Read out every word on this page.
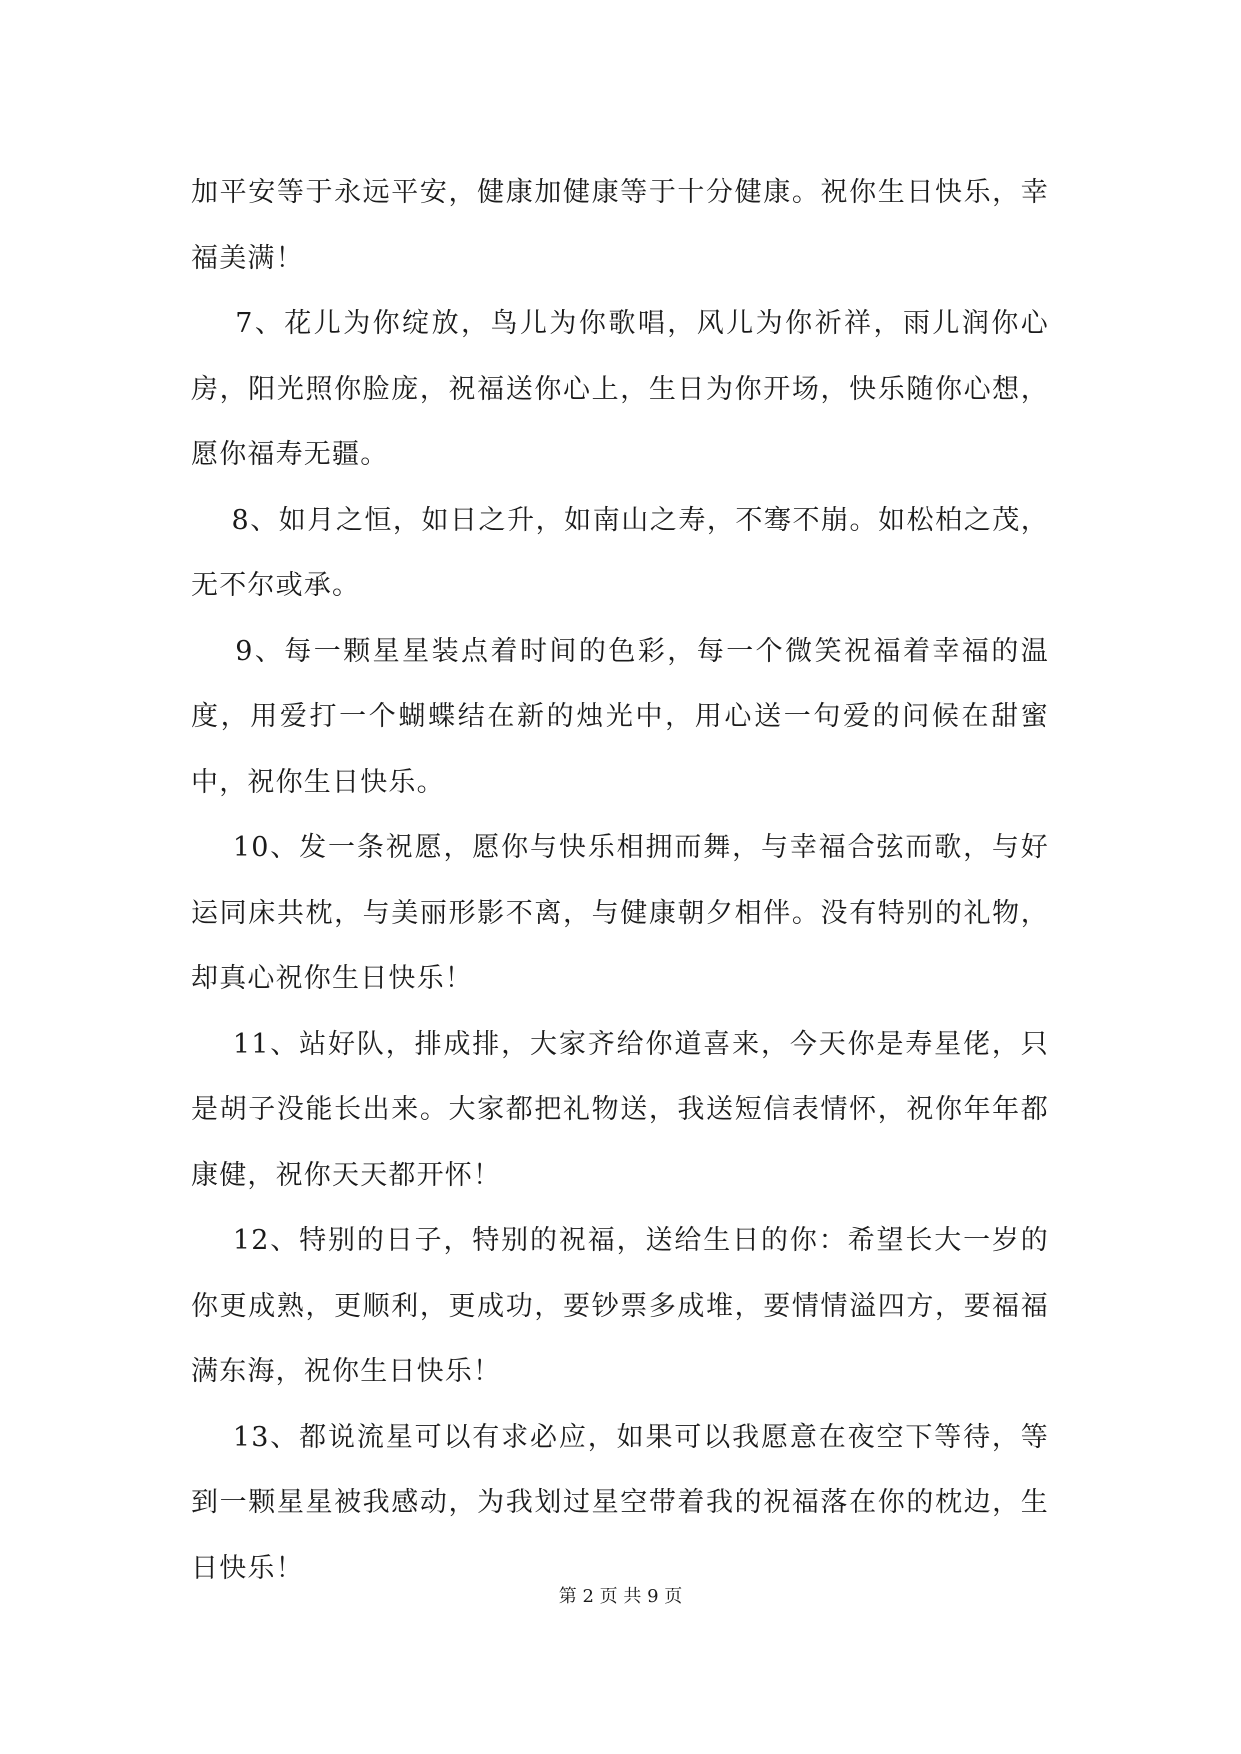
加平安等于永远平安，健康加健康等于十分健康。祝你生日快乐，幸福美满！

7、花儿为你绽放，鸟儿为你歌唱，风儿为你祈祥，雨儿润你心房，阳光照你脸庞，祝福送你心上，生日为你开场，快乐随你心想，愿你福寿无疆。

8、如月之恒，如日之升，如南山之寿，不骞不崩。如松柏之茂，无不尔或承。

9、每一颗星星装点着时间的色彩，每一个微笑祝福着幸福的温度，用爱打一个蝴蝶结在新的烛光中，用心送一句爱的问候在甜蜜中，祝你生日快乐。

10、发一条祝愿，愿你与快乐相拥而舞，与幸福合弦而歌，与好运同床共枕，与美丽形影不离，与健康朝夕相伴。没有特别的礼物，却真心祝你生日快乐！

11、站好队，排成排，大家齐给你道喜来，今天你是寿星佬，只是胡子没能长出来。大家都把礼物送，我送短信表情怀，祝你年年都康健，祝你天天都开怀！

12、特别的日子，特别的祝福，送给生日的你：希望长大一岁的你更成熟，更顺利，更成功，要钞票多成堆，要情情溢四方，要福福满东海，祝你生日快乐！

13、都说流星可以有求必应，如果可以我愿意在夜空下等待，等到一颗星星被我感动，为我划过星空带着我的祝福落在你的枕边，生日快乐！

第 2 页 共 9 页
